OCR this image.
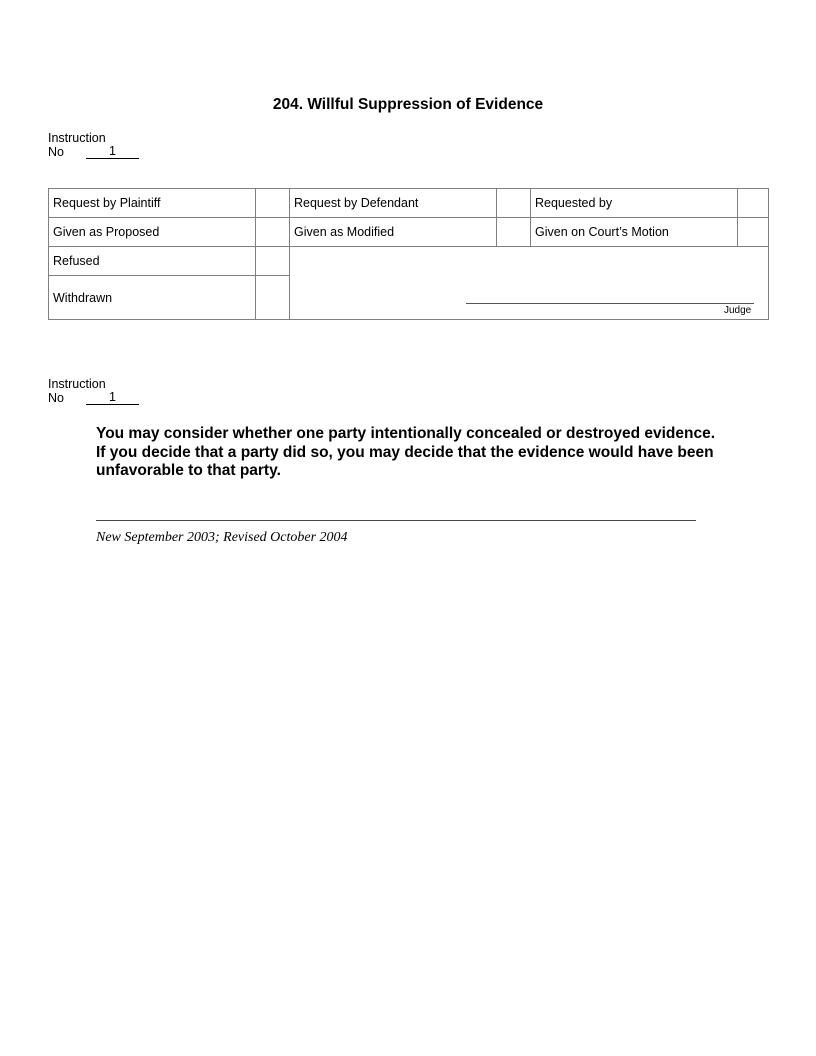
204. Willful Suppression of Evidence
Instruction
No	1
Request by Plaintiff	Request by Defendant	Requested by
Given as Proposed	Given as Modified	Given on Court’s Motion
Refused
Withdrawn
Judge
Instruction
No	1
You may consider whether one party intentionally concealed or destroyed evidence. If you decide that a party did so, you may decide that the evidence would have been unfavorable to that party.
New September 2003; Revised October 2004
